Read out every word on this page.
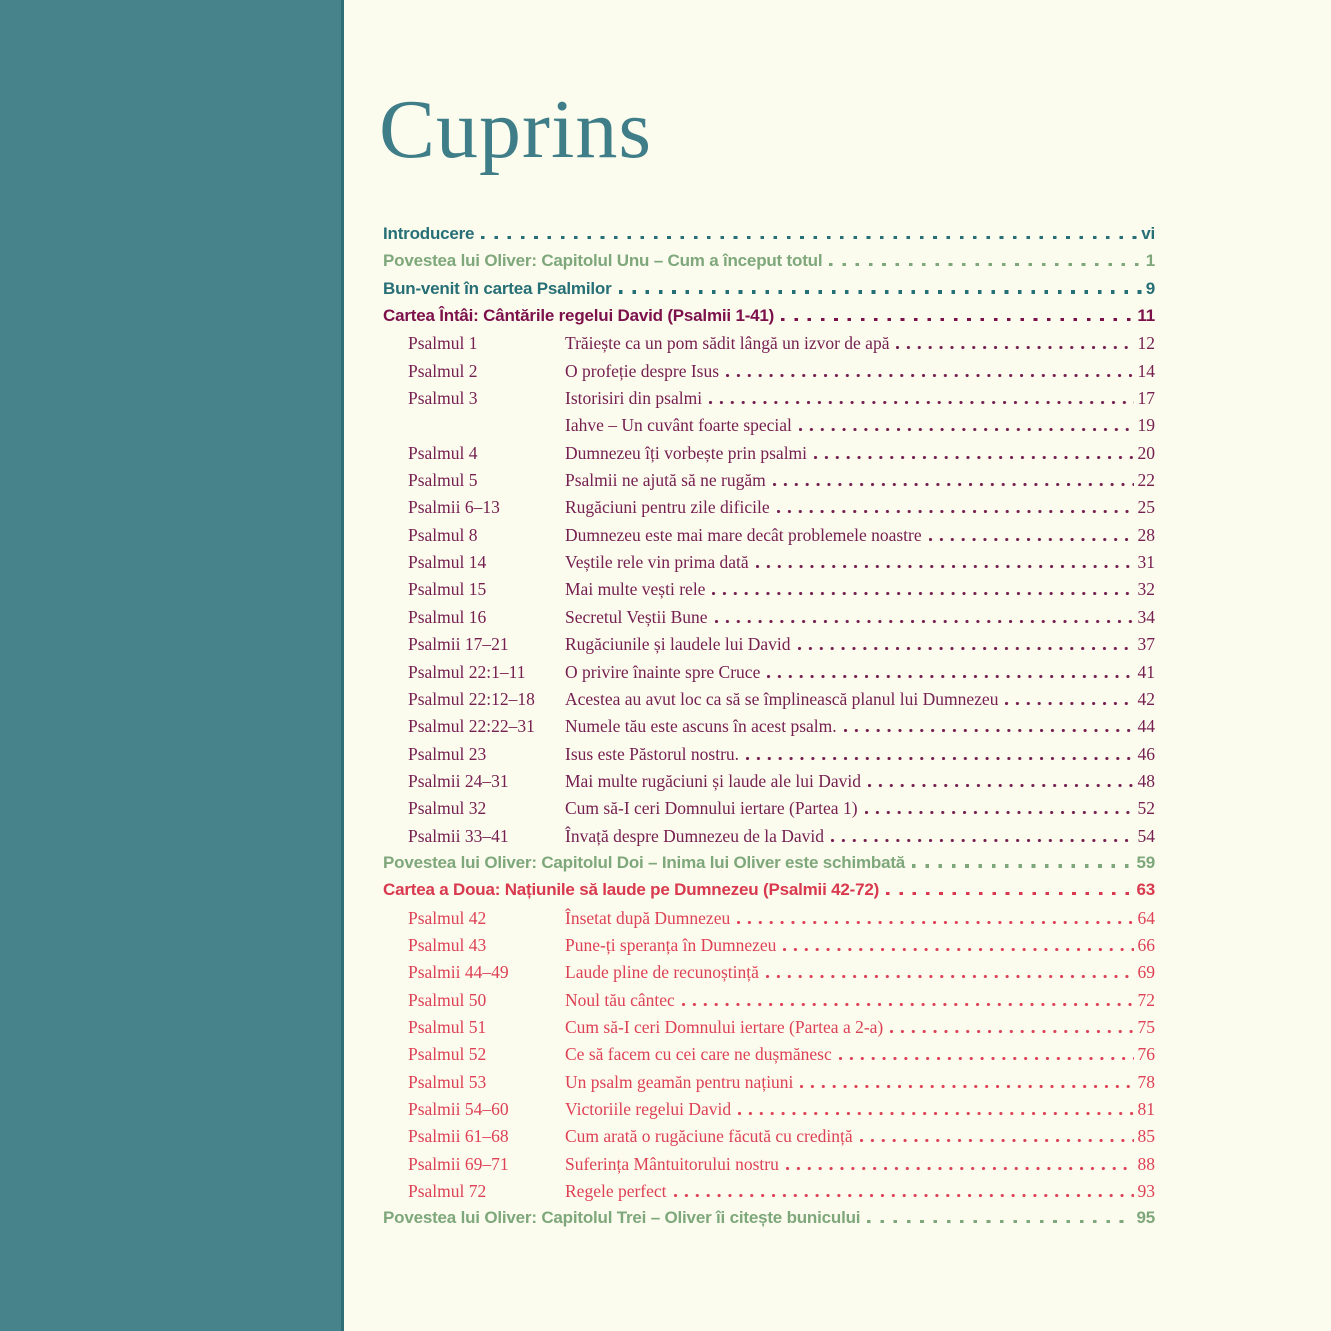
Cuprins
Introducere	vi
Povestea lui Oliver: Capitolul Unu – Cum a început totul	1
Bun-venit în cartea Psalmilor	9
Cartea Întâi: Cântările regelui David (Psalmii 1-41)	11
Psalmul 1	Trăiește ca un pom sădit lângă un izvor de apă	12
Psalmul 2	O profeție despre Isus	14
Psalmul 3	Istorisiri din psalmi	17
Iahve – Un cuvânt foarte special	19
Psalmul 4	Dumnezeu îți vorbește prin psalmi	20
Psalmul 5	Psalmii ne ajută să ne rugăm	22
Psalmii 6–13	Rugăciuni pentru zile dificile	25
Psalmul 8	Dumnezeu este mai mare decât problemele noastre	28
Psalmul 14	Veștile rele vin prima dată	31
Psalmul 15	Mai multe vești rele	32
Psalmul 16	Secretul Veștii Bune	34
Psalmii 17–21	Rugăciunile și laudele lui David	37
Psalmul 22:1–11	O privire înainte spre Cruce	41
Psalmul 22:12–18	Acestea au avut loc ca să se împlinească planul lui Dumnezeu	42
Psalmul 22:22–31	Numele tău este ascuns în acest psalm.	44
Psalmul 23	Isus este Păstorul nostru.	46
Psalmii 24–31	Mai multe rugăciuni și laude ale lui David	48
Psalmul 32	Cum să-I ceri Domnului iertare (Partea 1)	52
Psalmii 33–41	Învață despre Dumnezeu de la David	54
Povestea lui Oliver: Capitolul Doi – Inima lui Oliver este schimbată	59
Cartea a Doua: Națiunile să laude pe Dumnezeu (Psalmii 42-72)	63
Psalmul 42	Însetat după Dumnezeu	64
Psalmul 43	Pune-ți speranța în Dumnezeu	66
Psalmii 44–49	Laude pline de recunoștință	69
Psalmul 50	Noul tău cântec	72
Psalmul 51	Cum să-I ceri Domnului iertare (Partea a 2-a)	75
Psalmul 52	Ce să facem cu cei care ne dușmănesc	76
Psalmul 53	Un psalm geamăn pentru națiuni	78
Psalmii 54–60	Victoriile regelui David	81
Psalmii 61–68	Cum arată o rugăciune făcută cu credință	85
Psalmii 69–71	Suferința Mântuitorului nostru	88
Psalmul 72	Regele perfect	93
Povestea lui Oliver: Capitolul Trei – Oliver îi citește bunicului	95
